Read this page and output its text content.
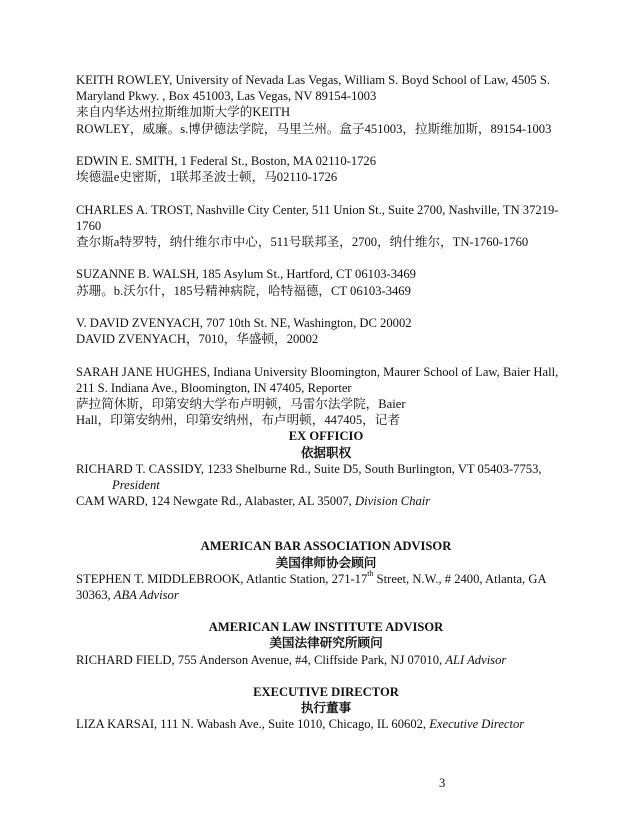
KEITH ROWLEY, University of Nevada Las Vegas, William S. Boyd School of Law, 4505 S.
Maryland Pkwy. , Box 451003, Las Vegas, NV 89154-1003
来自内华达州拉斯维加斯大学的KEITH
ROWLEY，威廉。s.博伊德法学院，马里兰州。盒子451003，拉斯维加斯，89154-1003
EDWIN E. SMITH, 1 Federal St., Boston, MA 02110-1726
埃德温e史密斯，1联邦圣波士顿，马02110-1726
CHARLES A. TROST, Nashville City Center, 511 Union St., Suite 2700, Nashville, TN 37219-
1760
查尔斯a特罗特，纳什维尔市中心，511号联邦圣，2700，纳什维尔，TN-1760-1760
SUZANNE B. WALSH, 185 Asylum St., Hartford, CT 06103-3469
苏珊。b.沃尔什，185号精神病院，哈特福德，CT 06103-3469
V. DAVID ZVENYACH, 707 10th St. NE, Washington, DC 20002
DAVID ZVENYACH，7010，华盛顿，20002
SARAH JANE HUGHES, Indiana University Bloomington, Maurer School of Law, Baier Hall,
211 S. Indiana Ave., Bloomington, IN 47405, Reporter
萨拉简休斯，印第安纳大学布卢明顿，马雷尔法学院，Baier
Hall，印第安纳州，印第安纳州，布卢明顿，447405，记者
EX OFFICIO
依据职权
RICHARD T. CASSIDY, 1233 Shelburne Rd., Suite D5, South Burlington, VT 05403-7753,
President
CAM WARD, 124 Newgate Rd., Alabaster, AL 35007, Division Chair
AMERICAN BAR ASSOCIATION ADVISOR
美国律师协会顾问
STEPHEN T. MIDDLEBROOK, Atlantic Station, 271-17th Street, N.W., # 2400, Atlanta, GA
30363, ABA Advisor
AMERICAN LAW INSTITUTE ADVISOR
美国法律研究所顾问
RICHARD FIELD, 755 Anderson Avenue, #4, Cliffside Park, NJ 07010, ALI Advisor
EXECUTIVE DIRECTOR
执行董事
LIZA KARSAI, 111 N. Wabash Ave., Suite 1010, Chicago, IL 60602, Executive Director
3
